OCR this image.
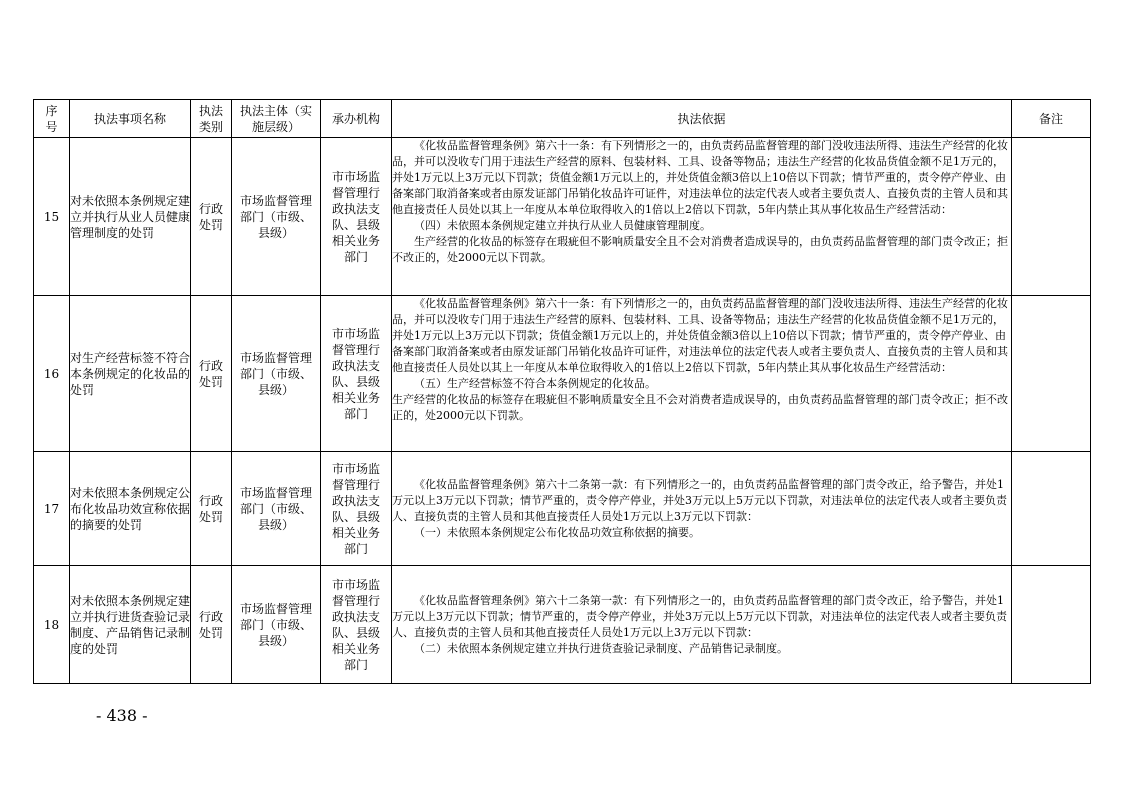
序号	执法事项名称	执法类别	执法主体（实施层级）	承办机构	执法依据	备注
15	对未依照本条例规定建立并执行从业人员健康管理制度的处罚	行政处罚	市场监督管理部门（市级、县级）	市市场监督管理行政执法支队、县级相关业务部门	《化妆品监督管理条例》第六十一条：有下列情形之一的，由负责药品监督管理的部门没收违法所得、违法生产经营的化妆品，并可以没收专门用于违法生产经营的原料、包装材料、工具、设备等物品；违法生产经营的化妆品货值金额不足1万元的，并处1万元以上3万元以下罚款；货值金额1万元以上的，并处货值金额3倍以上10倍以下罚款；情节严重的，责令停产停业、由备案部门取消备案或者由原发证部门吊销化妆品许可证件，对违法单位的法定代表人或者主要负责人、直接负责的主管人员和其他直接责任人员处以其上一年度从本单位取得收入的1倍以上2倍以下罚款，5年内禁止其从事化妆品生产经营活动：

（四）未依照本条例规定建立并执行从业人员健康管理制度。

生产经营的化妆品的标签存在瑕疵但不影响质量安全且不会对消费者造成误导的，由负责药品监督管理的部门责令改正；拒不改正的，处2000元以下罚款。	

16	对生产经营标签不符合本条例规定的化妆品的处罚	行政处罚	市场监督管理部门（市级、县级）	市市场监督管理行政执法支队、县级相关业务部门	《化妆品监督管理条例》第六十一条：有下列情形之一的，由负责药品监督管理的部门没收违法所得、违法生产经营的化妆品，并可以没收专门用于违法生产经营的原料、包装材料、工具、设备等物品；违法生产经营的化妆品货值金额不足1万元的，并处1万元以上3万元以下罚款；货值金额1万元以上的，并处货值金额3倍以上10倍以下罚款；情节严重的，责令停产停业、由备案部门取消备案或者由原发证部门吊销化妆品许可证件，对违法单位的法定代表人或者主要负责人、直接负责的主管人员和其他直接责任人员处以其上一年度从本单位取得收入的1倍以上2倍以下罚款，5年内禁止其从事化妆品生产经营活动：

（五）生产经营标签不符合本条例规定的化妆品。

生产经营的化妆品的标签存在瑕疵但不影响质量安全且不会对消费者造成误导的，由负责药品监督管理的部门责令改正；拒不改正的，处2000元以下罚款。	

17	对未依照本条例规定公布化妆品功效宣称依据的摘要的处罚	行政处罚	市场监督管理部门（市级、县级）	市市场监督管理行政执法支队、县级相关业务部门	《化妆品监督管理条例》第六十二条第一款：有下列情形之一的，由负责药品监督管理的部门责令改正，给予警告，并处1万元以上3万元以下罚款；情节严重的，责令停产停业，并处3万元以上5万元以下罚款，对违法单位的法定代表人或者主要负责人、直接负责的主管人员和其他直接责任人员处1万元以上3万元以下罚款：

（一）未依照本条例规定公布化妆品功效宣称依据的摘要。	

18	对未依照本条例规定建立并执行进货查验记录制度、产品销售记录制度的处罚	行政处罚	市场监督管理部门（市级、县级）	市市场监督管理行政执法支队、县级相关业务部门	《化妆品监督管理条例》第六十二条第一款：有下列情形之一的，由负责药品监督管理的部门责令改正，给予警告，并处1万元以上3万元以下罚款；情节严重的，责令停产停业，并处3万元以上5万元以下罚款，对违法单位的法定代表人或者主要负责人、直接负责的主管人员和其他直接责任人员处1万元以上3万元以下罚款：

（二）未依照本条例规定建立并执行进货查验记录制度、产品销售记录制度。	

- 438 -
